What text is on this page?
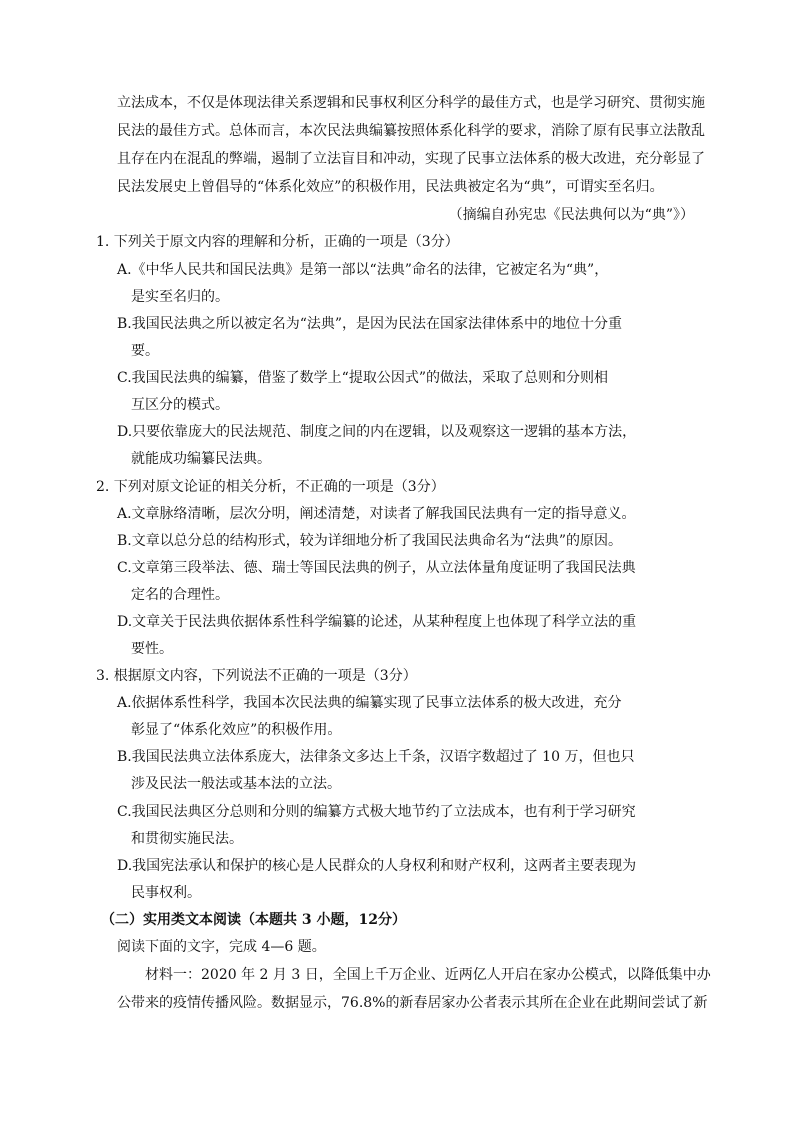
立法成本，不仅是体现法律关系逻辑和民事权利区分科学的最佳方式，也是学习研究、贯彻实施
民法的最佳方式。总体而言，本次民法典编纂按照体系化科学的要求，消除了原有民事立法散乱
且存在内在混乱的弊端，遏制了立法盲目和冲动，实现了民事立法体系的极大改进，充分彰显了
民法发展史上曾倡导的“体系化效应”的积极作用，民法典被定名为“典”，可谓实至名归。
（摘编自孙宪忠《民法典何以为“典”》）
1. 下列关于原文内容的理解和分析，正确的一项是（3分）
A.《中华人民共和国民法典》是第一部以“法典”命名的法律，它被定名为“典”，
是实至名归的。
B.我国民法典之所以被定名为“法典”，是因为民法在国家法律体系中的地位十分重
要。
C.我国民法典的编纂，借鉴了数学上“提取公因式”的做法，采取了总则和分则相
互区分的模式。
D.只要依靠庞大的民法规范、制度之间的内在逻辑，以及观察这一逻辑的基本方法，
就能成功编纂民法典。
2. 下列对原文论证的相关分析，不正确的一项是（3分）
A.文章脉络清晰，层次分明，阐述清楚，对读者了解我国民法典有一定的指导意义。
B.文章以总分总的结构形式，较为详细地分析了我国民法典命名为“法典”的原因。
C.文章第三段举法、德、瑞士等国民法典的例子，从立法体量角度证明了我国民法典
定名的合理性。
D.文章关于民法典依据体系性科学编纂的论述，从某种程度上也体现了科学立法的重
要性。
3. 根据原文内容，下列说法不正确的一项是（3分）
A.依据体系性科学，我国本次民法典的编纂实现了民事立法体系的极大改进，充分
彰显了“体系化效应”的积极作用。
B.我国民法典立法体系庞大，法律条文多达上千条，汉语字数超过了 10 万，但也只
涉及民法一般法或基本法的立法。
C.我国民法典区分总则和分则的编纂方式极大地节约了立法成本，也有利于学习研究
和贯彻实施民法。
D.我国宪法承认和保护的核心是人民群众的人身权利和财产权利，这两者主要表现为
民事权利。
（二）实用类文本阅读（本题共 3 小题，12分）
阅读下面的文字，完成 4—6 题。
材料一：2020 年 2 月 3 日，全国上千万企业、近两亿人开启在家办公模式，以降低集中办
公带来的疫情传播风险。数据显示，76.8%的新春居家办公者表示其所在企业在此期间尝试了新
